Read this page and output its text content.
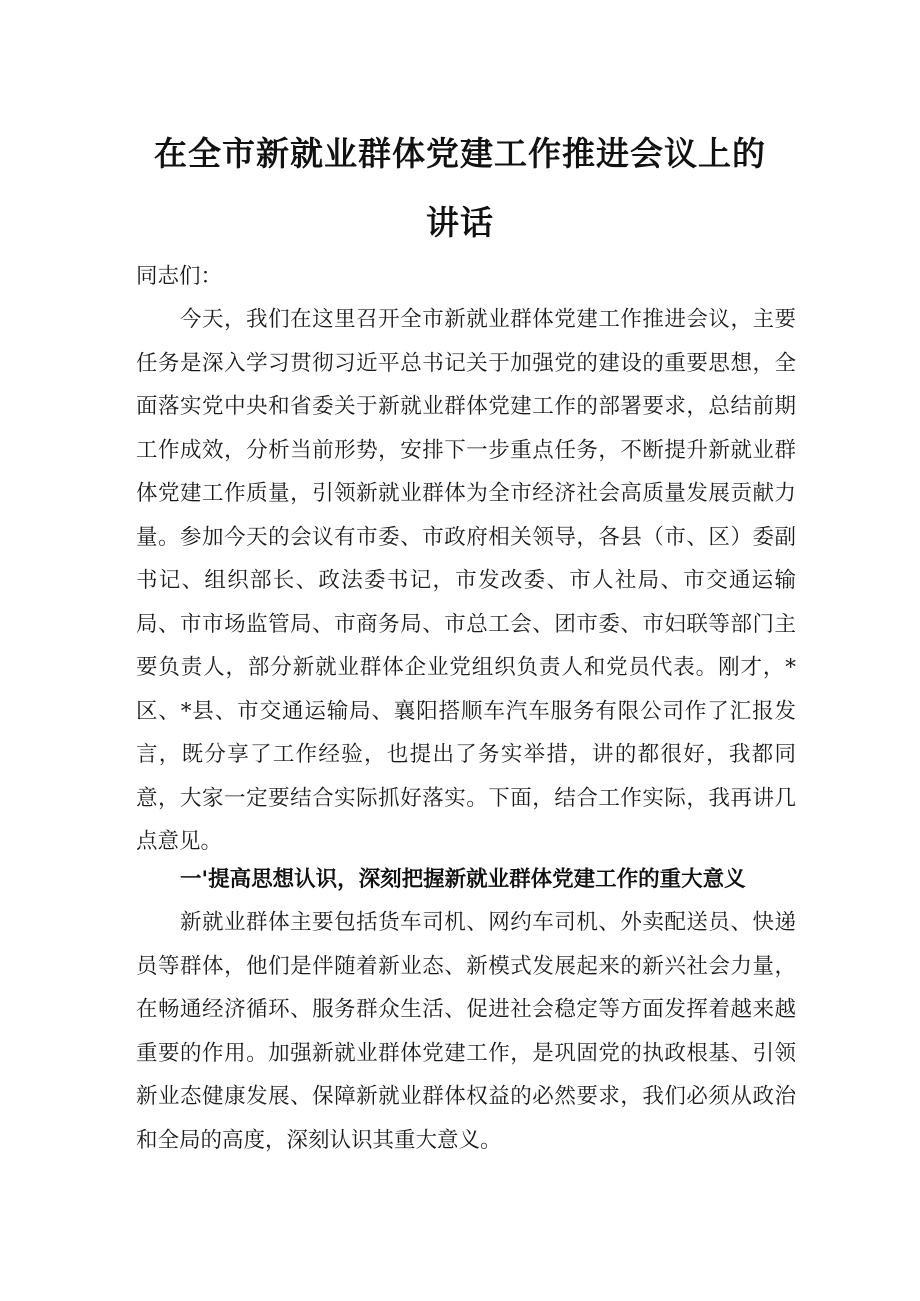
在全市新就业群体党建工作推进会议上的
讲话

同志们：

今天，我们在这里召开全市新就业群体党建工作推进会议，主要任务是深入学习贯彻习近平总书记关于加强党的建设的重要思想，全面落实党中央和省委关于新就业群体党建工作的部署要求，总结前期工作成效，分析当前形势，安排下一步重点任务，不断提升新就业群体党建工作质量，引领新就业群体为全市经济社会高质量发展贡献力量。参加今天的会议有市委、市政府相关领导，各县（市、区）委副书记、组织部长、政法委书记，市发改委、市人社局、市交通运输局、市市场监管局、市商务局、市总工会、团市委、市妇联等部门主要负责人，部分新就业群体企业党组织负责人和党员代表。刚才，*区、*县、市交通运输局、襄阳搭顺车汽车服务有限公司作了汇报发言，既分享了工作经验，也提出了务实举措，讲的都很好，我都同意，大家一定要结合实际抓好落实。下面，结合工作实际，我再讲几点意见。

一'提高思想认识，深刻把握新就业群体党建工作的重大意义

新就业群体主要包括货车司机、网约车司机、外卖配送员、快递员等群体，他们是伴随着新业态、新模式发展起来的新兴社会力量，在畅通经济循环、服务群众生活、促进社会稳定等方面发挥着越来越重要的作用。加强新就业群体党建工作，是巩固党的执政根基、引领新业态健康发展、保障新就业群体权益的必然要求，我们必须从政治和全局的高度，深刻认识其重大意义。
